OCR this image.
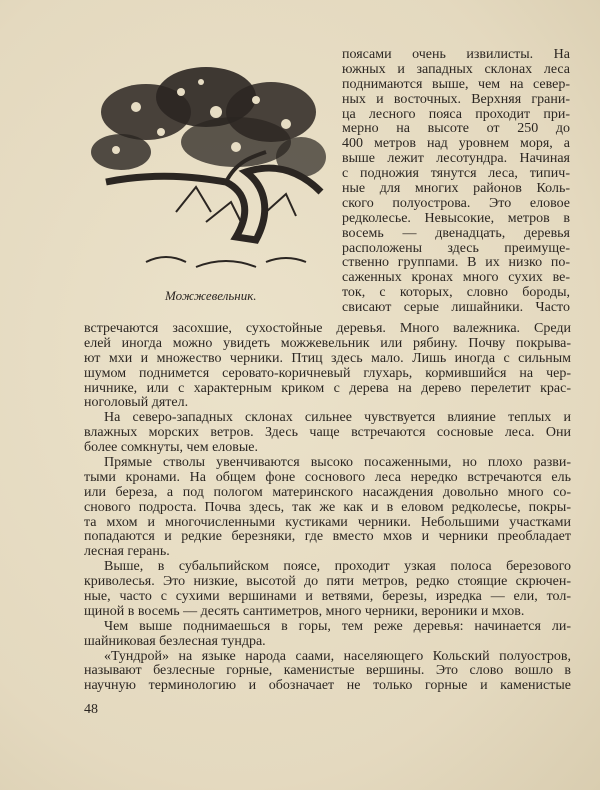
Можжевельник.
поясами очень извилисты. На
южных и западных склонах леса
поднимаются выше, чем на север-
ных и восточных. Верхняя грани-
ца лесного пояса проходит при-
мерно на высоте от 250 до
400 метров над уровнем моря, а
выше лежит лесотундра. Начиная
с подножия тянутся леса, типич-
ные для многих районов Коль-
ского полуострова. Это еловое
редколесье. Невысокие, метров в
восемь — двенадцать, деревья
расположены здесь преимуще-
ственно группами. В их низко по-
саженных кронах много сухих ве-
ток, с которых, словно бороды,
свисают серые лишайники. Часто
встречаются засохшие, сухостойные деревья. Много валежника. Среди
елей иногда можно увидеть можжевельник или рябину. Почву покрыва-
ют мхи и множество черники. Птиц здесь мало. Лишь иногда с сильным
шумом поднимется серовато-коричневый глухарь, кормившийся на чер-
ничнике, или с характерным криком с дерева на дерево перелетит крас-
ноголовый дятел.
На северо-западных склонах сильнее чувствуется влияние теплых и
влажных морских ветров. Здесь чаще встречаются сосновые леса. Они
более сомкнуты, чем еловые.
Прямые стволы увенчиваются высоко посаженными, но плохо разви-
тыми кронами. На общем фоне соснового леса нередко встречаются ель
или береза, а под пологом материнского насаждения довольно много со-
снового подроста. Почва здесь, так же как и в еловом редколесье, покры-
та мхом и многочисленными кустиками черники. Небольшими участками
попадаются и редкие березняки, где вместо мхов и черники преобладает
лесная герань.
Выше, в субальпийском поясе, проходит узкая полоса березового
криволесья. Это низкие, высотой до пяти метров, редко стоящие скрючен-
ные, часто с сухими вершинами и ветвями, березы, изредка — ели, тол-
щиной в восемь — десять сантиметров, много черники, вероники и мхов.
Чем выше поднимаешься в горы, тем реже деревья: начинается ли-
шайниковая безлесная тундра.
«Тундрой» на языке народа саами, населяющего Кольский полуостров,
называют безлесные горные, каменистые вершины. Это слово вошло в
научную терминологию и обозначает не только горные и каменистые
48
